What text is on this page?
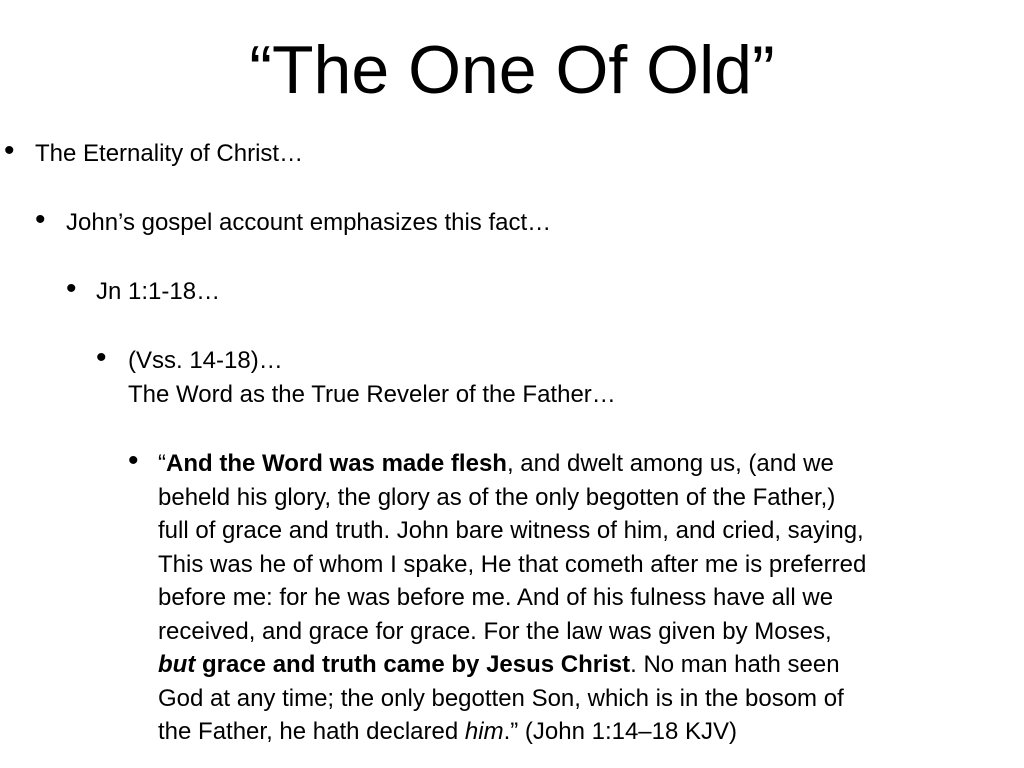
“The One Of Old”
• The Eternality of Christ…
• John’s gospel account emphasizes this fact…
• Jn 1:1-18…
• (Vss. 14-18)…
The Word as the True Reveler of the Father…
• “And the Word was made flesh, and dwelt among us, (and we
beheld his glory, the glory as of the only begotten of the Father,)
full of grace and truth. John bare witness of him, and cried, saying,
This was he of whom I spake, He that cometh after me is preferred
before me: for he was before me. And of his fulness have all we
received, and grace for grace. For the law was given by Moses,
but grace and truth came by Jesus Christ. No man hath seen
God at any time; the only begotten Son, which is in the bosom of
the Father, he hath declared him.” (John 1:14–18 KJV)
